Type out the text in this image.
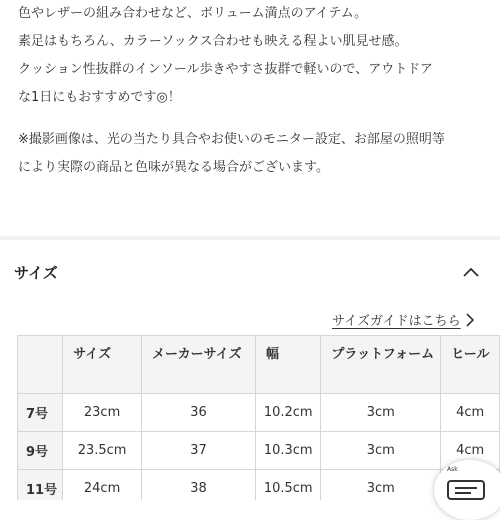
色やレザーの組み合わせなど、ボリューム満点のアイテム。

素足はもちろん、カラーソックス合わせも映える程よい肌見せ感。

クッション性抜群のインソール歩きやすさ抜群で軽いので、アウトドア

な1日にもおすすめです◎！

※撮影画像は、光の当たり具合やお使いのモニター設定、お部屋の照明等

により実際の商品と色味が異なる場合がございます。

サイズ
サイズガイドはこちら
	サイズ	メーカーサイズ	幅	プラットフォーム	ヒール
7号	23cm	36	10.2cm	3cm	4cm
9号	23.5cm	37	10.3cm	3cm	4cm
11号	24cm	38	10.5cm	3cm	
Ask
